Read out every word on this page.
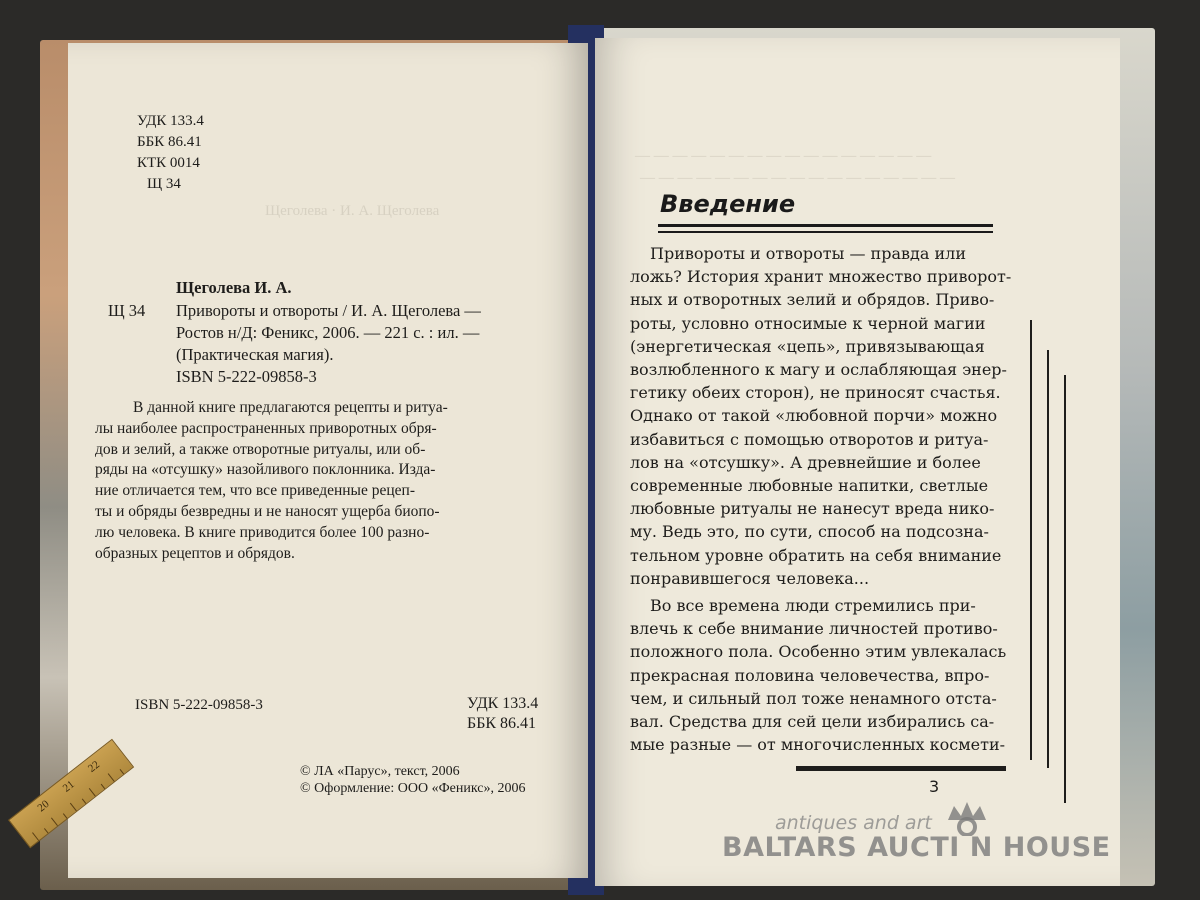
Щеголева · И. А. Щеголева
УДК 133.4
ББК 86.41
КТК 0014
Щ 34
Щеголева И. А.
Щ 34 Привороты и отвороты / И. А. Щеголева —
Ростов н/Д: Феникс, 2006. — 221 с. : ил. —
(Практическая магия).
ISBN 5-222-09858-3
В данной книге предлагаются рецепты и ритуа-
лы наиболее распространенных приворотных обря-
дов и зелий, а также отворотные ритуалы, или об-
ряды на «отсушку» назойливого поклонника. Изда-
ние отличается тем, что все приведенные рецеп-
ты и обряды безвредны и не наносят ущерба биопо-
лю человека. В книге приводится более 100 разно-
образных рецептов и обрядов.
ISBN 5-222-09858-3	УДК 133.4
ББК 86.41
© ЛА «Парус», текст, 2006
© Оформление: ООО «Феникс», 2006
— — — — — — — — — — — — — — — —
— — — — — — — — — — — — — — — — —
Введение
Привороты и отвороты — правда или
ложь? История хранит множество приворот-
ных и отворотных зелий и обрядов. Приво-
роты, условно относимые к черной магии
(энергетическая «цепь», привязывающая
возлюбленного к магу и ослабляющая энер-
гетику обеих сторон), не приносят счастья.
Однако от такой «любовной порчи» можно
избавиться с помощью отворотов и ритуа-
лов на «отсушку». А древнейшие и более
современные любовные напитки, светлые
любовные ритуалы не нанесут вреда нико-
му. Ведь это, по сути, способ на подсозна-
тельном уровне обратить на себя внимание
понравившегося человека...
Во все времена люди стремились при-
влечь к себе внимание личностей противо-
положного пола. Особенно этим увлекалась
прекрасная половина человечества, впро-
чем, и сильный пол тоже ненамного отста-
вал. Средства для сей цели избирались са-
мые разные — от многочисленных космети-
3
20
21
22
antiques and art
BALTARS AUCTI N HOUSE
